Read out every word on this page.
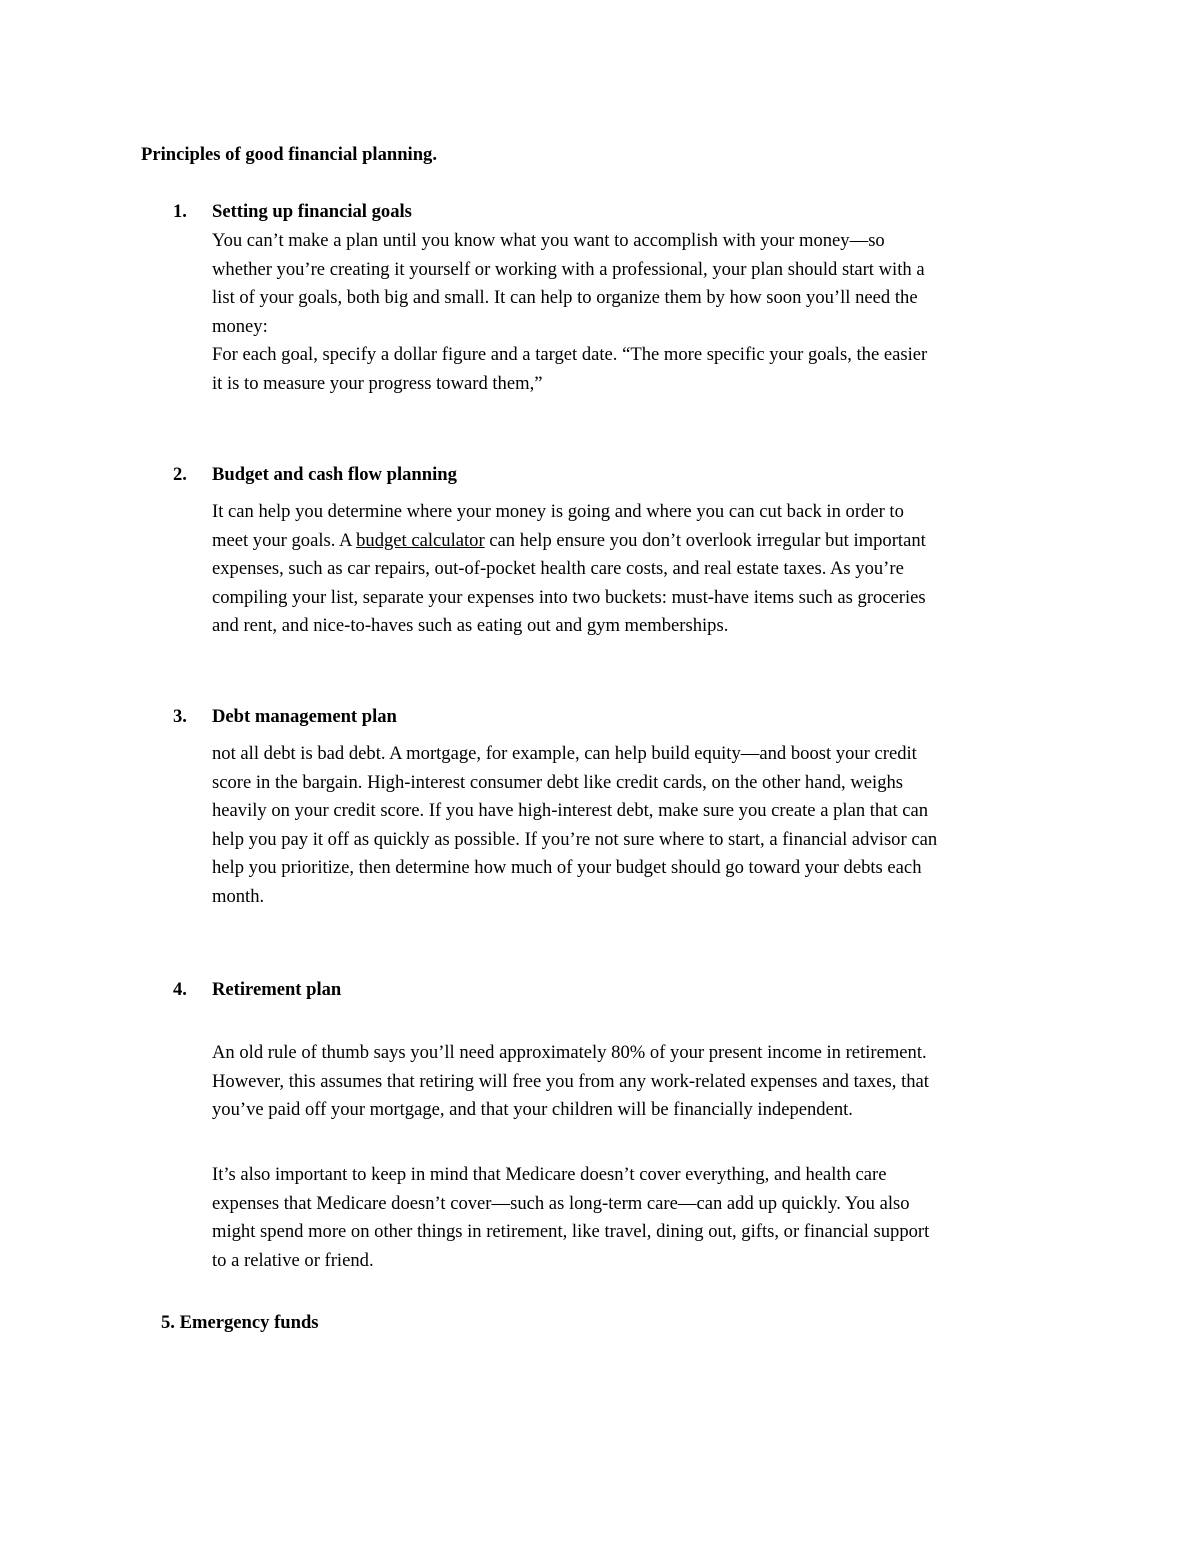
Principles of good financial planning.

1. Setting up financial goals

You can’t make a plan until you know what you want to accomplish with your money—so
whether you’re creating it yourself or working with a professional, your plan should start with a
list of your goals, both big and small. It can help to organize them by how soon you’ll need the
money:
For each goal, specify a dollar figure and a target date. “The more specific your goals, the easier
it is to measure your progress toward them,”

2. Budget and cash flow planning

It can help you determine where your money is going and where you can cut back in order to
meet your goals. A budget calculator can help ensure you don’t overlook irregular but important
expenses, such as car repairs, out-of-pocket health care costs, and real estate taxes. As you’re
compiling your list, separate your expenses into two buckets: must-have items such as groceries
and rent, and nice-to-haves such as eating out and gym memberships.

3. Debt management plan

not all debt is bad debt. A mortgage, for example, can help build equity—and boost your credit
score in the bargain. High-interest consumer debt like credit cards, on the other hand, weighs
heavily on your credit score. If you have high-interest debt, make sure you create a plan that can
help you pay it off as quickly as possible. If you’re not sure where to start, a financial advisor can
help you prioritize, then determine how much of your budget should go toward your debts each
month.

4. Retirement plan

An old rule of thumb says you’ll need approximately 80% of your present income in retirement.
However, this assumes that retiring will free you from any work-related expenses and taxes, that
you’ve paid off your mortgage, and that your children will be financially independent.
It’s also important to keep in mind that Medicare doesn’t cover everything, and health care
expenses that Medicare doesn’t cover—such as long-term care—can add up quickly. You also
might spend more on other things in retirement, like travel, dining out, gifts, or financial support
to a relative or friend.

5. Emergency funds
